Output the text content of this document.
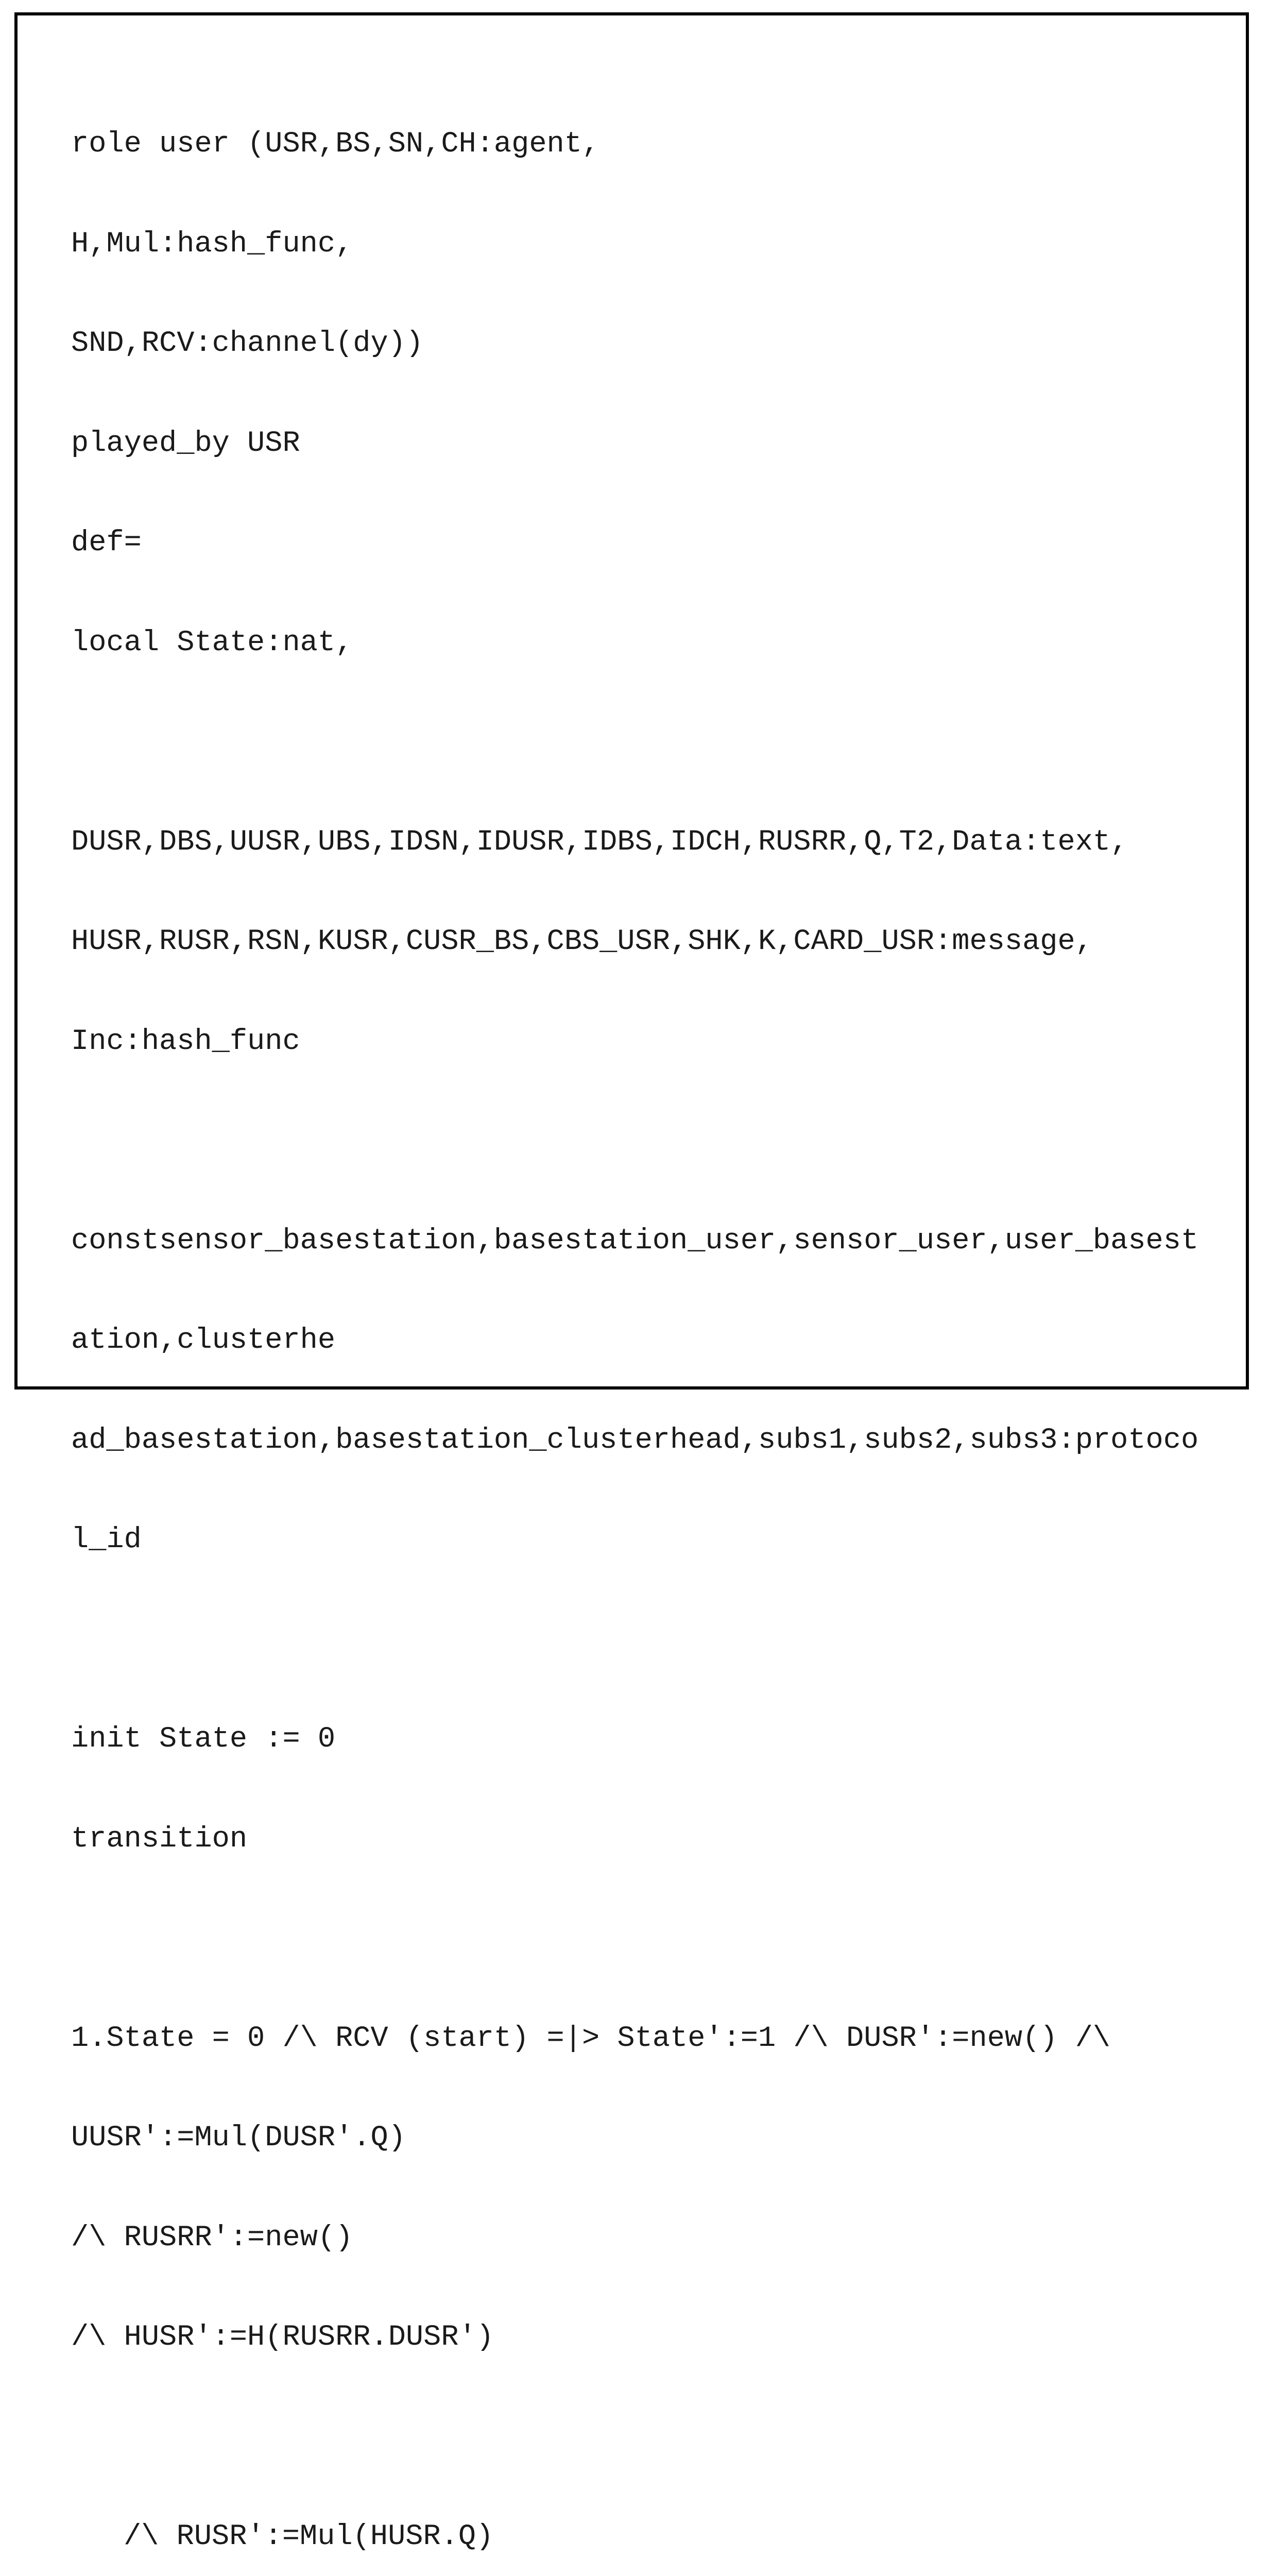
role user (USR,BS,SN,CH:agent,

H,Mul:hash_func,

SND,RCV:channel(dy))

played_by USR

def=

local State:nat,

DUSR,DBS,UUSR,UBS,IDSN,IDUSR,IDBS,IDCH,RUSRR,Q,T2,Data:text,

HUSR,RUSR,RSN,KUSR,CUSR_BS,CBS_USR,SHK,K,CARD_USR:message,

Inc:hash_func

constsensor_basestation,basestation_user,sensor_user,user_basest

ation,clusterhe

ad_basestation,basestation_clusterhead,subs1,subs2,subs3:protoco

l_id

init State := 0

transition

1.State = 0 /\ RCV (start) =|> State':=1 /\ DUSR':=new() /\

UUSR':=Mul(DUSR'.Q)

/\ RUSRR':=new()

/\ HUSR':=H(RUSRR.DUSR')

/\ RUSR':=Mul(HUSR.Q)
